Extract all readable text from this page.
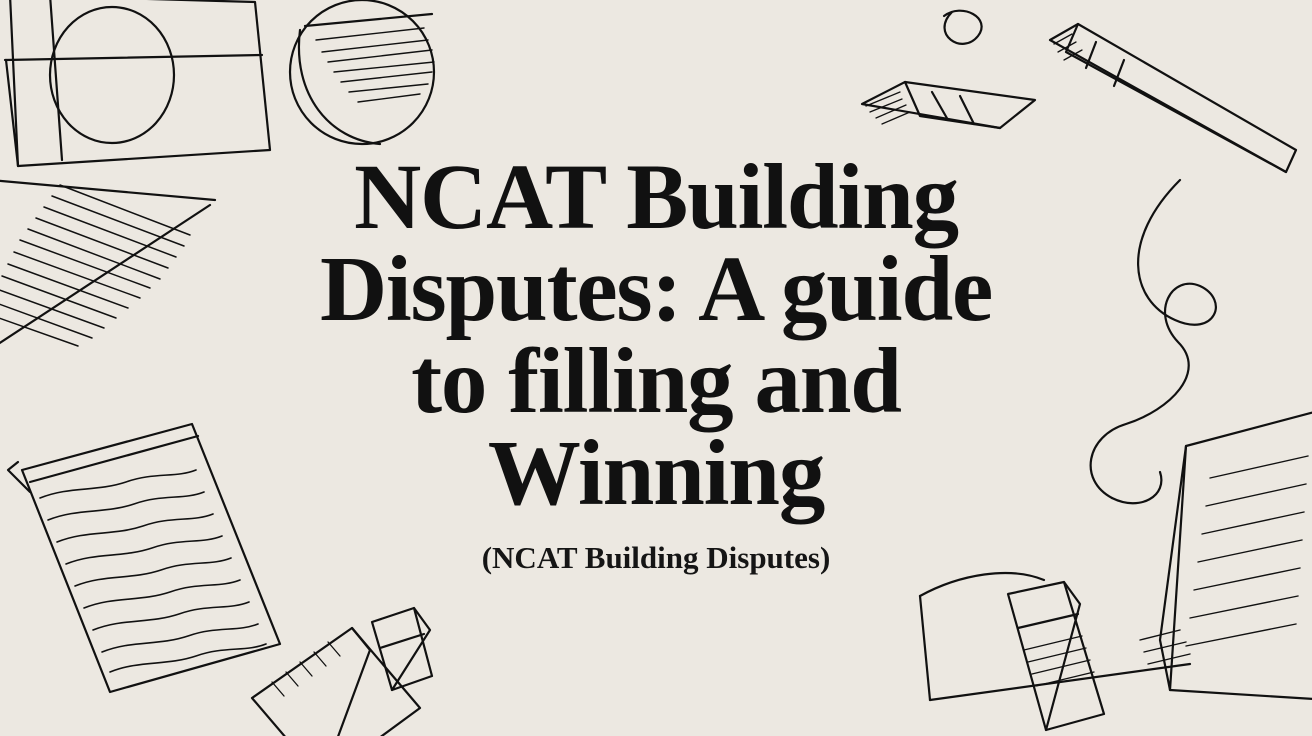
NCAT Building Disputes: A guide to filling and Winning

(NCAT Building Disputes)
